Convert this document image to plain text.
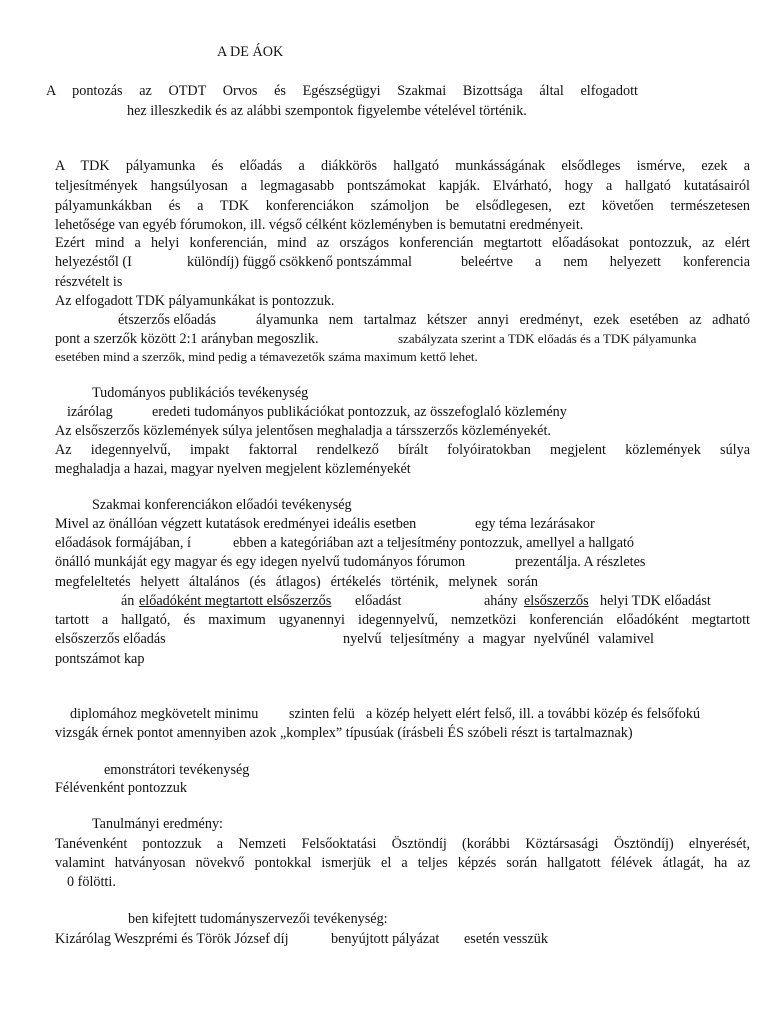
A DE ÁOK
A pontozás az OTDT Orvos és Egészségügyi Szakmai Bizottsága által elfogadott
hez illeszkedik és az alábbi szempontok figyelembe vételével történik.
A TDK pályamunka és előadás a diákkörös hallgató munkásságának elsődleges ismérve, ezek a
teljesítmények hangsúlyosan a legmagasabb pontszámokat kapják. Elvárható, hogy a hallgató kutatásairól
pályamunkákban és a TDK konferenciákon számoljon be elsődlegesen, ezt követően természetesen
lehetősége van egyéb fórumokon, ill. végső célként közleményben is bemutatni eredményeit.
Ezért mind a helyi konferencián, mind az országos konferencián megtartott előadásokat pontozzuk, az elért
helyezéstől (I	különdíj) függő csökkenő pontszámmal	beleértve a nem helyezett konferencia
részvételt is
Az elfogadott TDK pályamunkákat is pontozzuk.
étszerzős előadás	ályamunka nem tartalmaz kétszer annyi eredményt, ezek esetében az adható
pont a szerzők között 2:1 arányban megoszlik.	szabályzata szerint a TDK előadás és a TDK pályamunka
esetében mind a szerzők, mind pedig a témavezetők száma maximum kettő lehet.
Tudományos publikációs tevékenység
izárólag	eredeti tudományos publikációkat pontozzuk, az összefoglaló közlemény
Az elsőszerzős közlemények súlya jelentősen meghaladja a társszerzős közleményekét.
Az idegennyelvű, impakt faktorral rendelkező bírált folyóiratokban megjelent közlemények súlya
meghaladja a hazai, magyar nyelven megjelent közleményekét
Szakmai konferenciákon előadói tevékenység
Mivel az önállóan végzett kutatások eredményei ideális esetben	egy téma lezárásakor
előadások formájában, í	ebben a kategóriában azt a teljesítmény pontozzuk, amellyel a hallgató
önálló munkáját egy magyar és egy idegen nyelvű tudományos fórumon	prezentálja. A részletes
megfeleltetés helyett általános (és átlagos) értékelés történik, melynek során
án előadóként megtartott elsőszerzős előadást	ahány elsőszerzős helyi TDK előadást
tartott a hallgató, és maximum ugyanennyi idegennyelvű, nemzetközi konferencián előadóként megtartott
elsőszerzős előadás	nyelvű teljesítmény a magyar nyelvűnél valamivel
pontszámot kap
diplomához megkövetelt minimu szinten felü a közép helyett elért felső, ill. a további közép és felsőfokú
vizsgák érnek pontot amennyiben azok „komplex” típusúak (írásbeli ÉS szóbeli részt is tartalmaznak)
emonstrátori tevékenység
Félévenként pontozzuk
Tanulmányi eredmény:
Tanévenként pontozzuk a Nemzeti Felsőoktatási Ösztöndíj (korábbi Köztársasági Ösztöndíj) elnyerését,
valamint hatványosan növekvő pontokkal ismerjük el a teljes képzés során hallgatott félévek átlagát, ha az
0 fölötti.
ben kifejtett tudományszervezői tevékenység:
Kizárólag Weszprémi és Török József díj	benyújtott pályázat esetén vesszük
